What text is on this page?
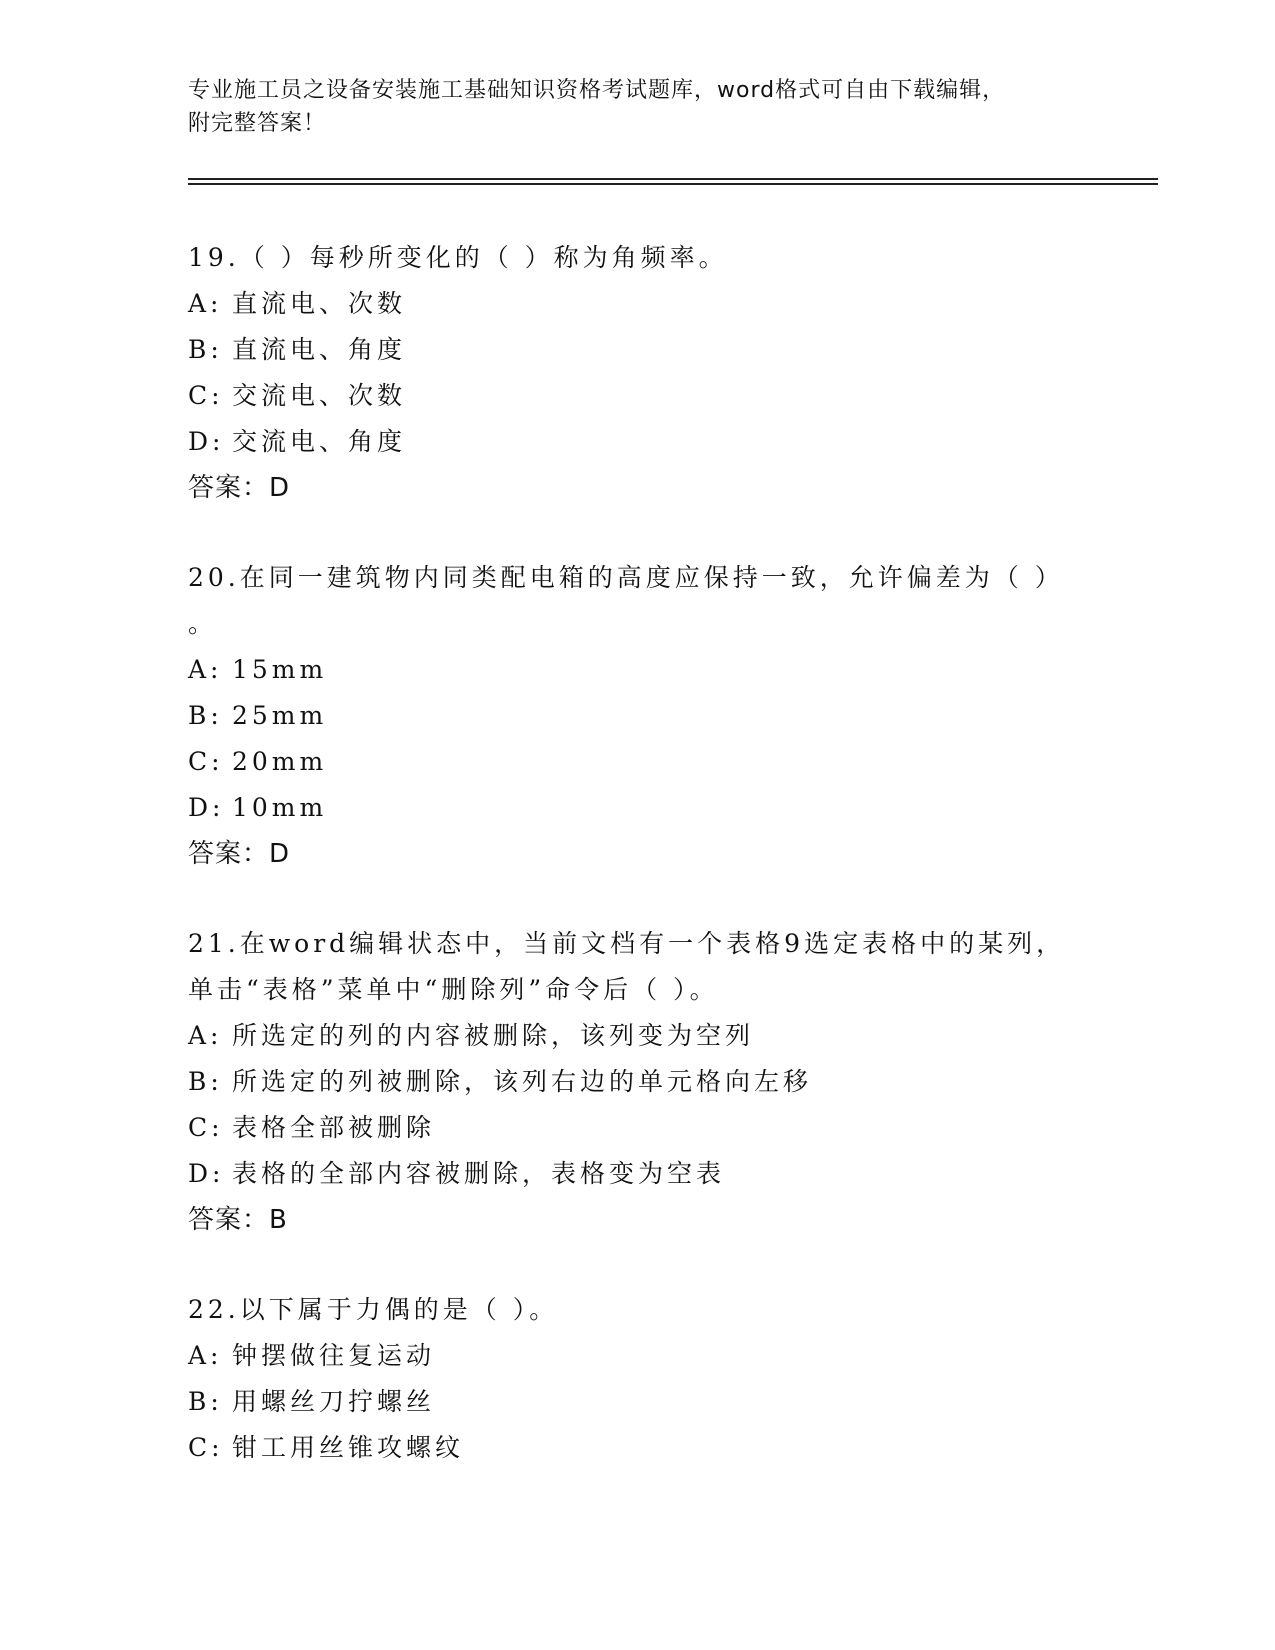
专业施工员之设备安装施工基础知识资格考试题库，word格式可自由下载编辑，
附完整答案！
19.（ ）每秒所变化的（ ）称为角频率。
A: 直流电、次数
B: 直流电、角度
C: 交流电、次数
D: 交流电、角度
答案：D
20.在同一建筑物内同类配电箱的高度应保持一致，允许偏差为（ ）
。
A: 15mm
B: 25mm
C: 20mm
D: 10mm
答案：D
21.在word编辑状态中，当前文档有一个表格9选定表格中的某列，
单击“表格”菜单中“删除列”命令后（ ）。
A: 所选定的列的内容被删除，该列变为空列
B: 所选定的列被删除，该列右边的单元格向左移
C: 表格全部被删除
D: 表格的全部内容被删除，表格变为空表
答案：B
22.以下属于力偶的是（ ）。
A: 钟摆做往复运动
B: 用螺丝刀拧螺丝
C: 钳工用丝锥攻螺纹
